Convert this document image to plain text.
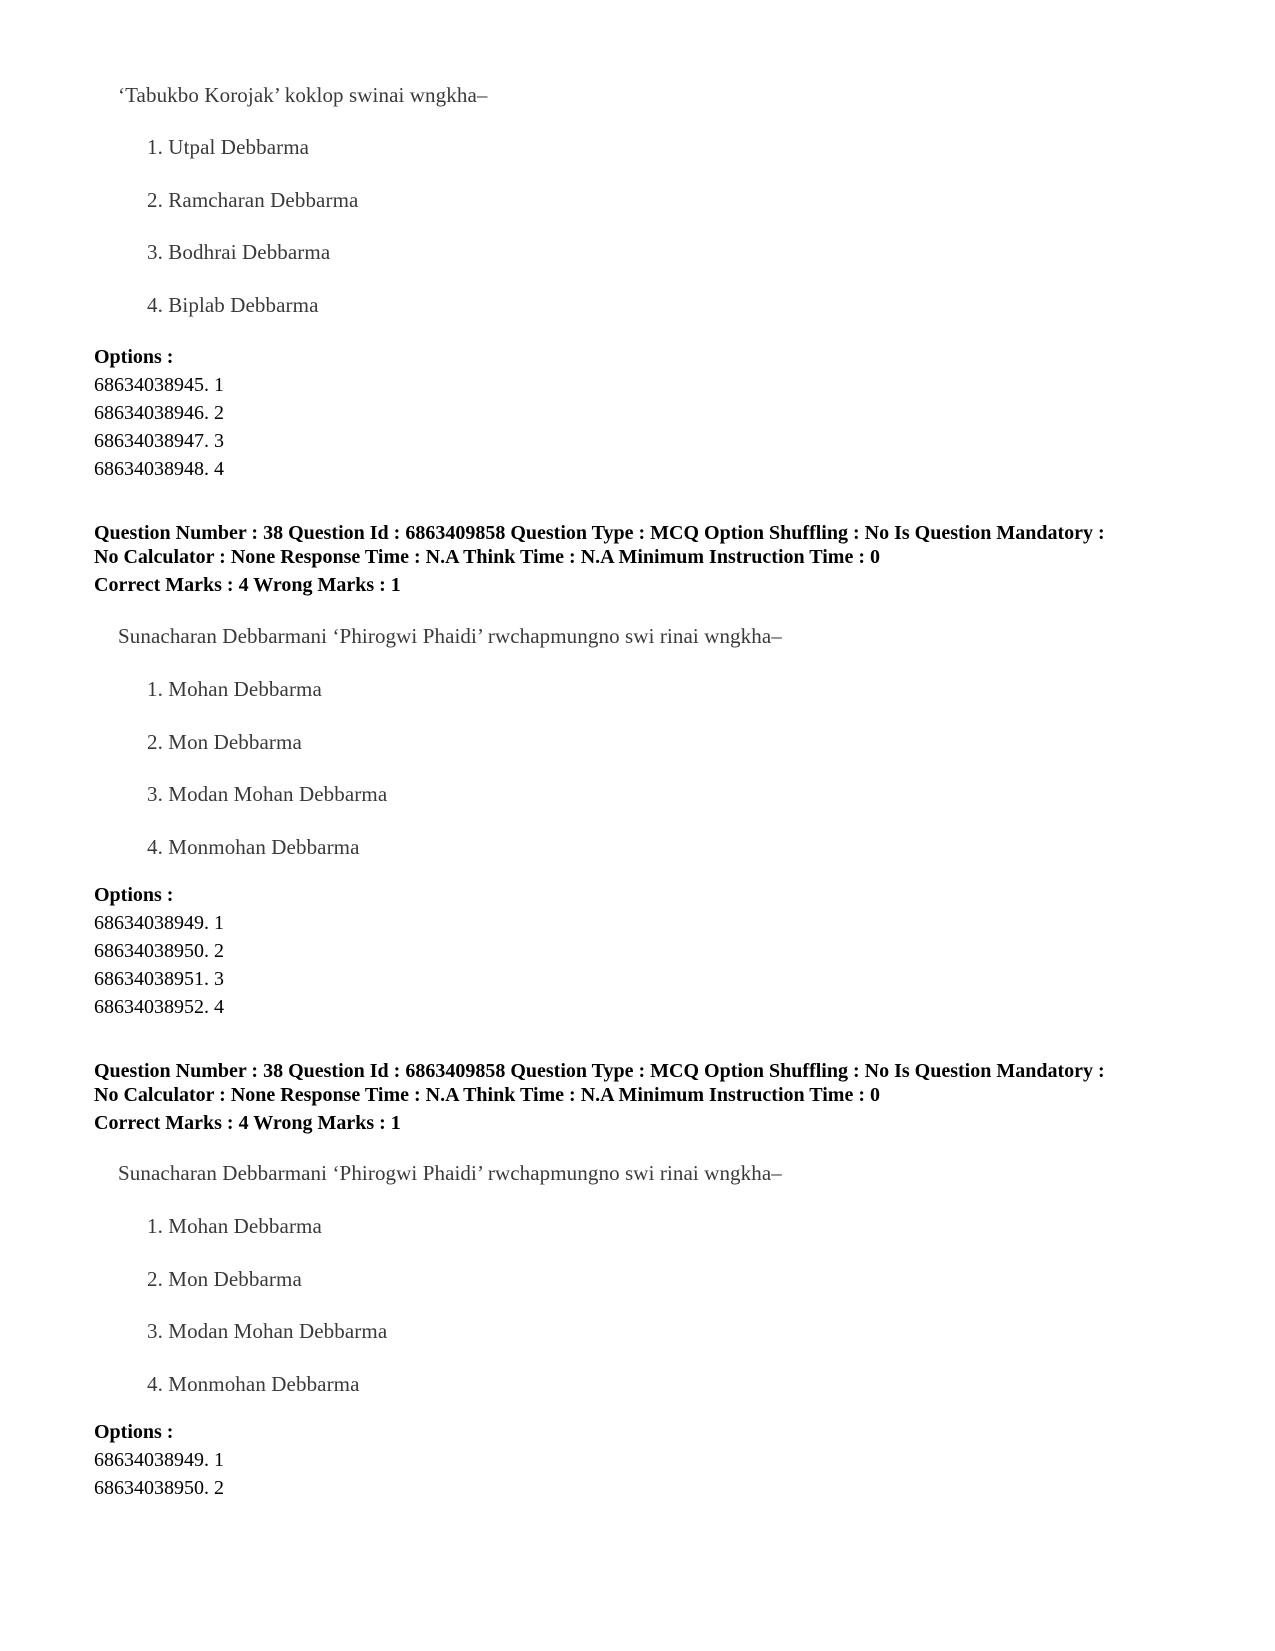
‘Tabukbo Korojak’ koklop swinai wngkha–
1. Utpal Debbarma
2. Ramcharan Debbarma
3. Bodhrai Debbarma
4. Biplab Debbarma
Options :
68634038945. 1
68634038946. 2
68634038947. 3
68634038948. 4
Question Number : 38 Question Id : 6863409858 Question Type : MCQ Option Shuffling : No Is Question Mandatory :
No Calculator : None Response Time : N.A Think Time : N.A Minimum Instruction Time : 0
Correct Marks : 4 Wrong Marks : 1
Sunacharan Debbarmani ‘Phirogwi Phaidi’ rwchapmungno swi rinai wngkha–
1. Mohan Debbarma
2. Mon Debbarma
3. Modan Mohan Debbarma
4. Monmohan Debbarma
Options :
68634038949. 1
68634038950. 2
68634038951. 3
68634038952. 4
Question Number : 38 Question Id : 6863409858 Question Type : MCQ Option Shuffling : No Is Question Mandatory :
No Calculator : None Response Time : N.A Think Time : N.A Minimum Instruction Time : 0
Correct Marks : 4 Wrong Marks : 1
Sunacharan Debbarmani ‘Phirogwi Phaidi’ rwchapmungno swi rinai wngkha–
1. Mohan Debbarma
2. Mon Debbarma
3. Modan Mohan Debbarma
4. Monmohan Debbarma
Options :
68634038949. 1
68634038950. 2
